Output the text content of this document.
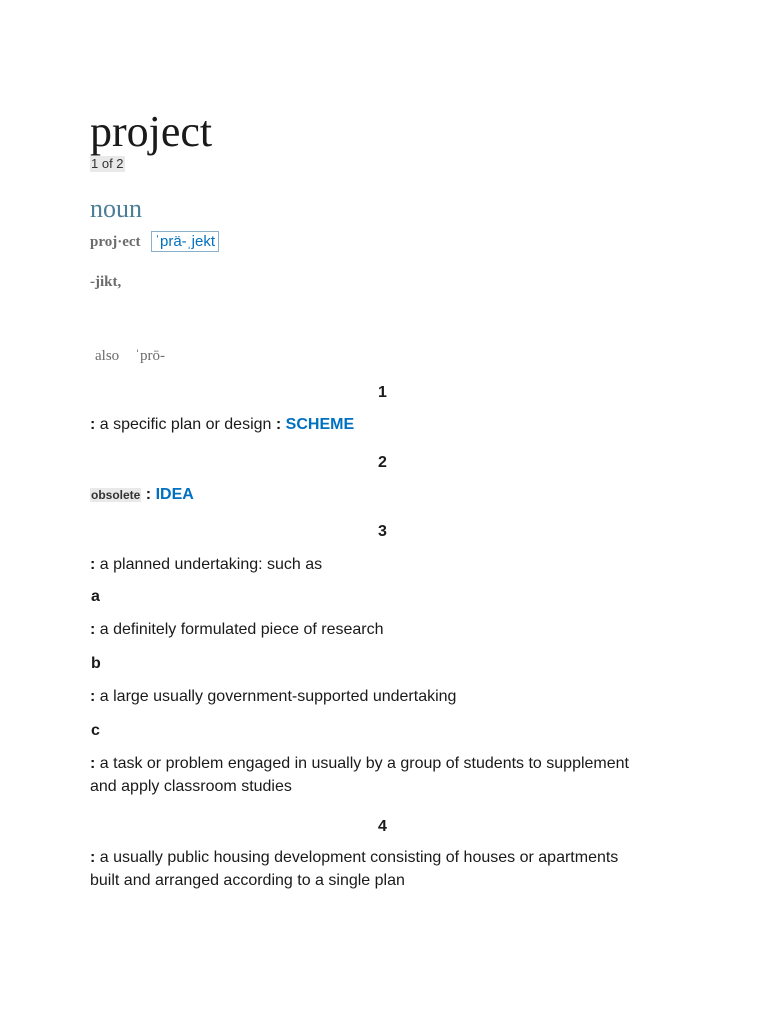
project
1 of 2
noun
proj·ect ˈprä-ˌjekt
-jikt,
also ˈprō-
1
: a specific plan or design : SCHEME
2
obsolete : IDEA
3
: a planned undertaking: such as
a
: a definitely formulated piece of research
b
: a large usually government-supported undertaking
c
: a task or problem engaged in usually by a group of students to supplement and apply classroom studies
4
: a usually public housing development consisting of houses or apartments built and arranged according to a single plan
